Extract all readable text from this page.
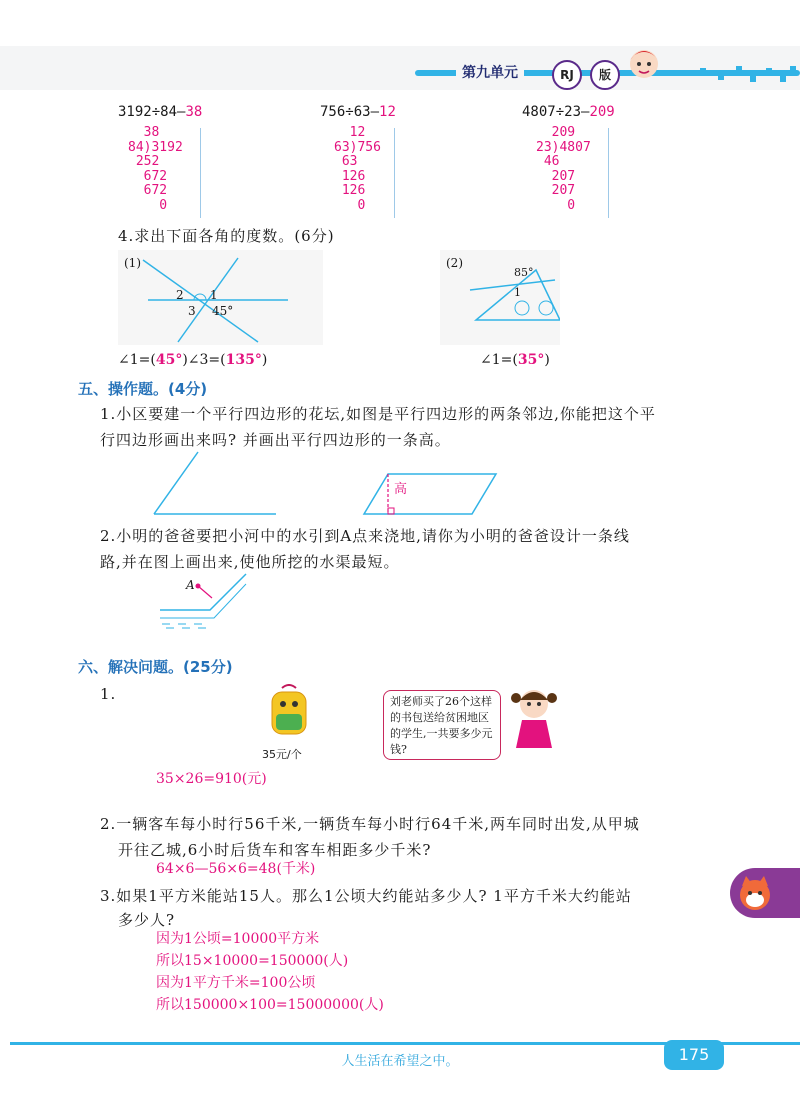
第九单元	RJ	版
3192÷84—38	756÷63—12	4807÷23—209
38
84)3192
252
672
672
0
12
63)756
63
126
126
0
209
23)4807
46
207
207
0
4.求出下面各角的度数。(6分)
(1)
2 1
3 45°
(2)
85°
1
∠1=(45°)∠3=(135°)	∠1=(35°)
五、操作题。(4分)
1.小区要建一个平行四边形的花坛,如图是平行四边形的两条邻边,你能把这个平
行四边形画出来吗? 并画出平行四边形的一条高。
高
2.小明的爸爸要把小河中的水引到A点来浇地,请你为小明的爸爸设计一条线
路,并在图上画出来,使他所挖的水渠最短。
A
六、解决问题。(25分)
1.
35元/个
刘老师买了26个这样的书包送给贫困地区的学生,一共要多少元钱?
35×26=910(元)
2.一辆客车每小时行56千米,一辆货车每小时行64千米,两车同时出发,从甲城
开往乙城,6小时后货车和客车相距多少千米?
64×6—56×6=48(千米)
3.如果1平方米能站15人。那么1公顷大约能站多少人? 1平方千米大约能站
多少人?
因为1公顷=10000平方米
所以15×10000=150000(人)
因为1平方千米=100公顷
所以150000×100=15000000(人)
人生活在希望之中。	175
